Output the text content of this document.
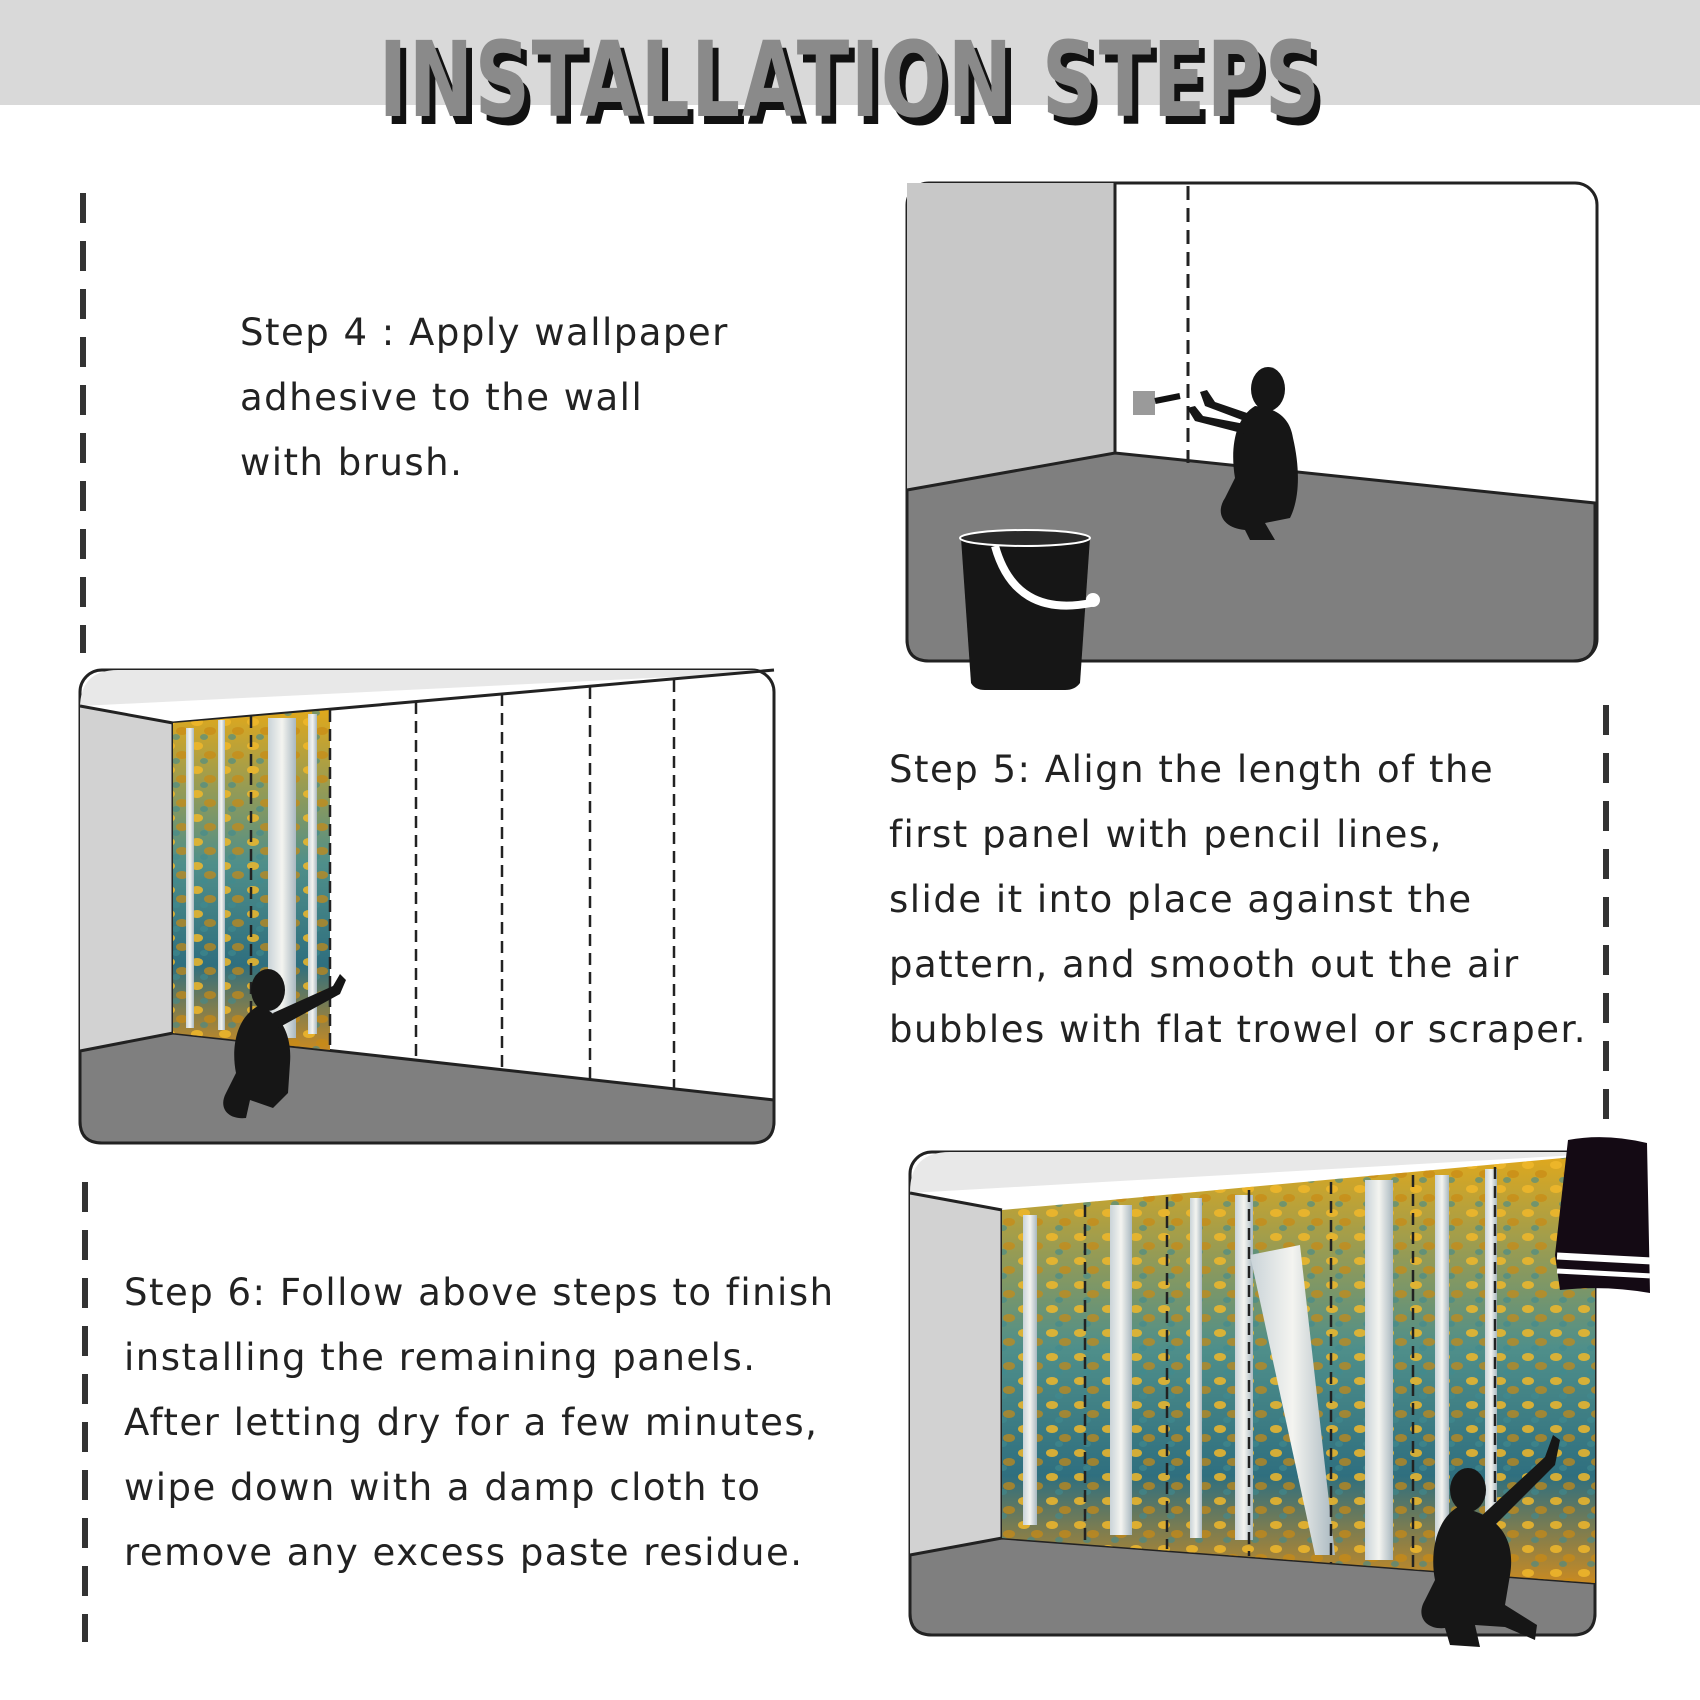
INSTALLATION STEPS

Step 4 : Apply wallpaper
adhesive to the wall
with brush.

Step 5: Align the length of the
first panel with pencil lines,
slide it into place against the
pattern, and smooth out the air
bubbles with flat trowel or scraper.

Step 6: Follow above steps to finish
installing the remaining panels.
After letting dry for a few minutes,
wipe down with a damp cloth to
remove any excess paste residue.
